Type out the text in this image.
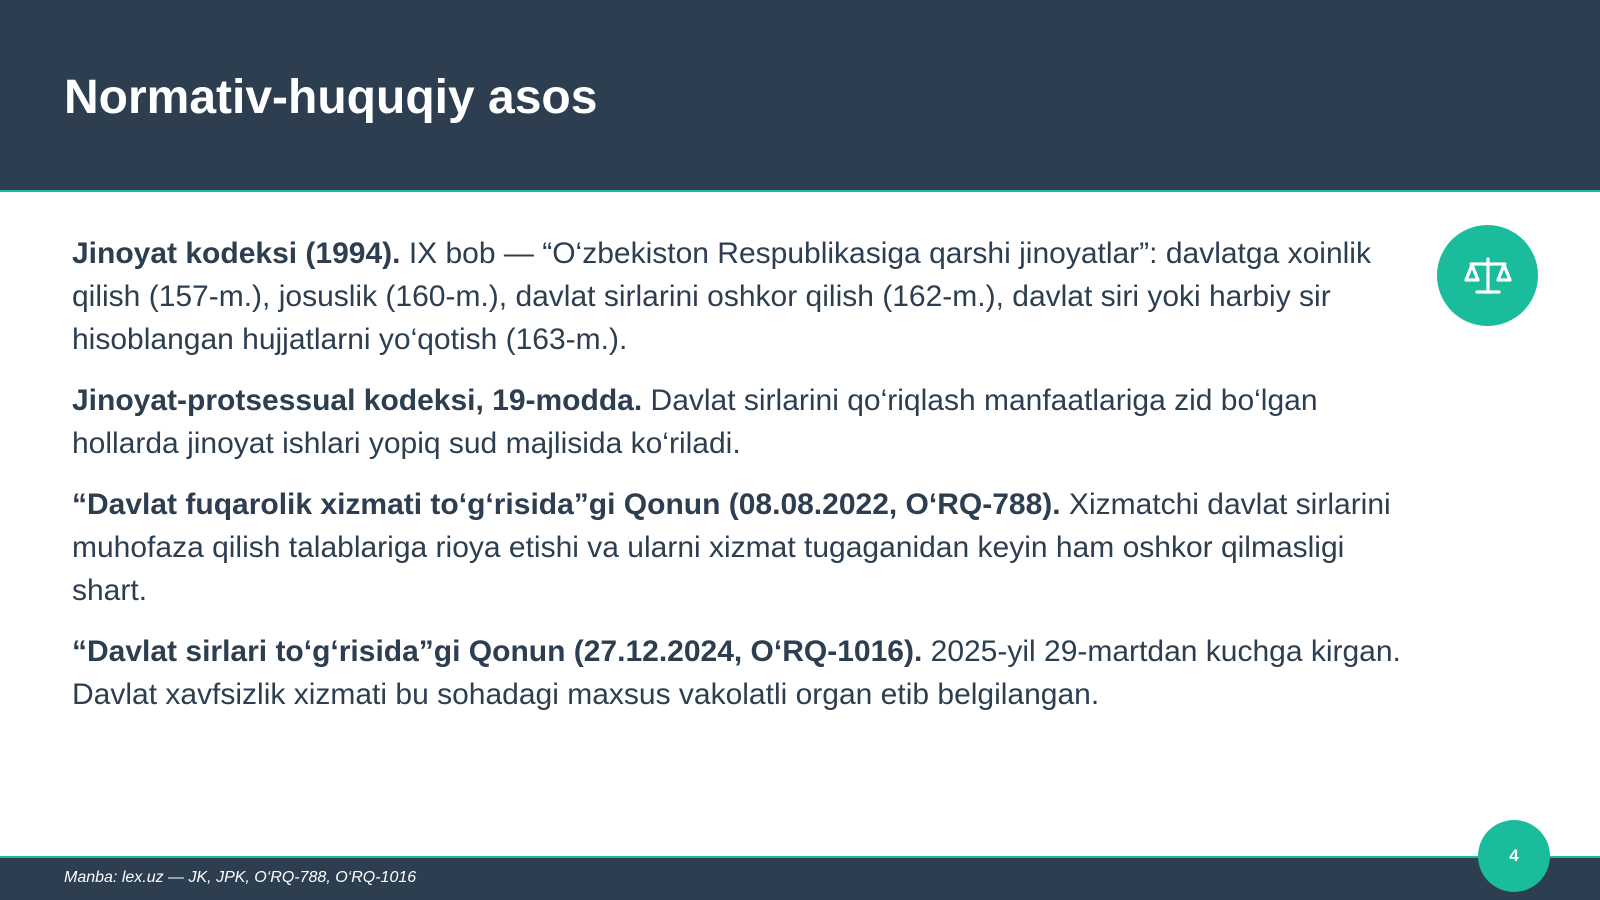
Normativ-huquqiy asos

Jinoyat kodeksi (1994). IX bob — “O‘zbekiston Respublikasiga qarshi jinoyatlar”: davlatga xoinlik qilish (157-m.), josuslik (160-m.), davlat sirlarini oshkor qilish (162-m.), davlat siri yoki harbiy sir hisoblangan hujjatlarni yo‘qotish (163-m.).

Jinoyat-protsessual kodeksi, 19-modda. Davlat sirlarini qo‘riqlash manfaatlariga zid bo‘lgan hollarda jinoyat ishlari yopiq sud majlisida ko‘riladi.

“Davlat fuqarolik xizmati to‘g‘risida”gi Qonun (08.08.2022, O‘RQ-788). Xizmatchi davlat sirlarini muhofaza qilish talablariga rioya etishi va ularni xizmat tugaganidan keyin ham oshkor qilmasligi shart.

“Davlat sirlari to‘g‘risida”gi Qonun (27.12.2024, O‘RQ-1016). 2025-yil 29-martdan kuchga kirgan. Davlat xavfsizlik xizmati bu sohadagi maxsus vakolatli organ etib belgilangan.

Manba: lex.uz — JK, JPK, O‘RQ-788, O‘RQ-1016
4
